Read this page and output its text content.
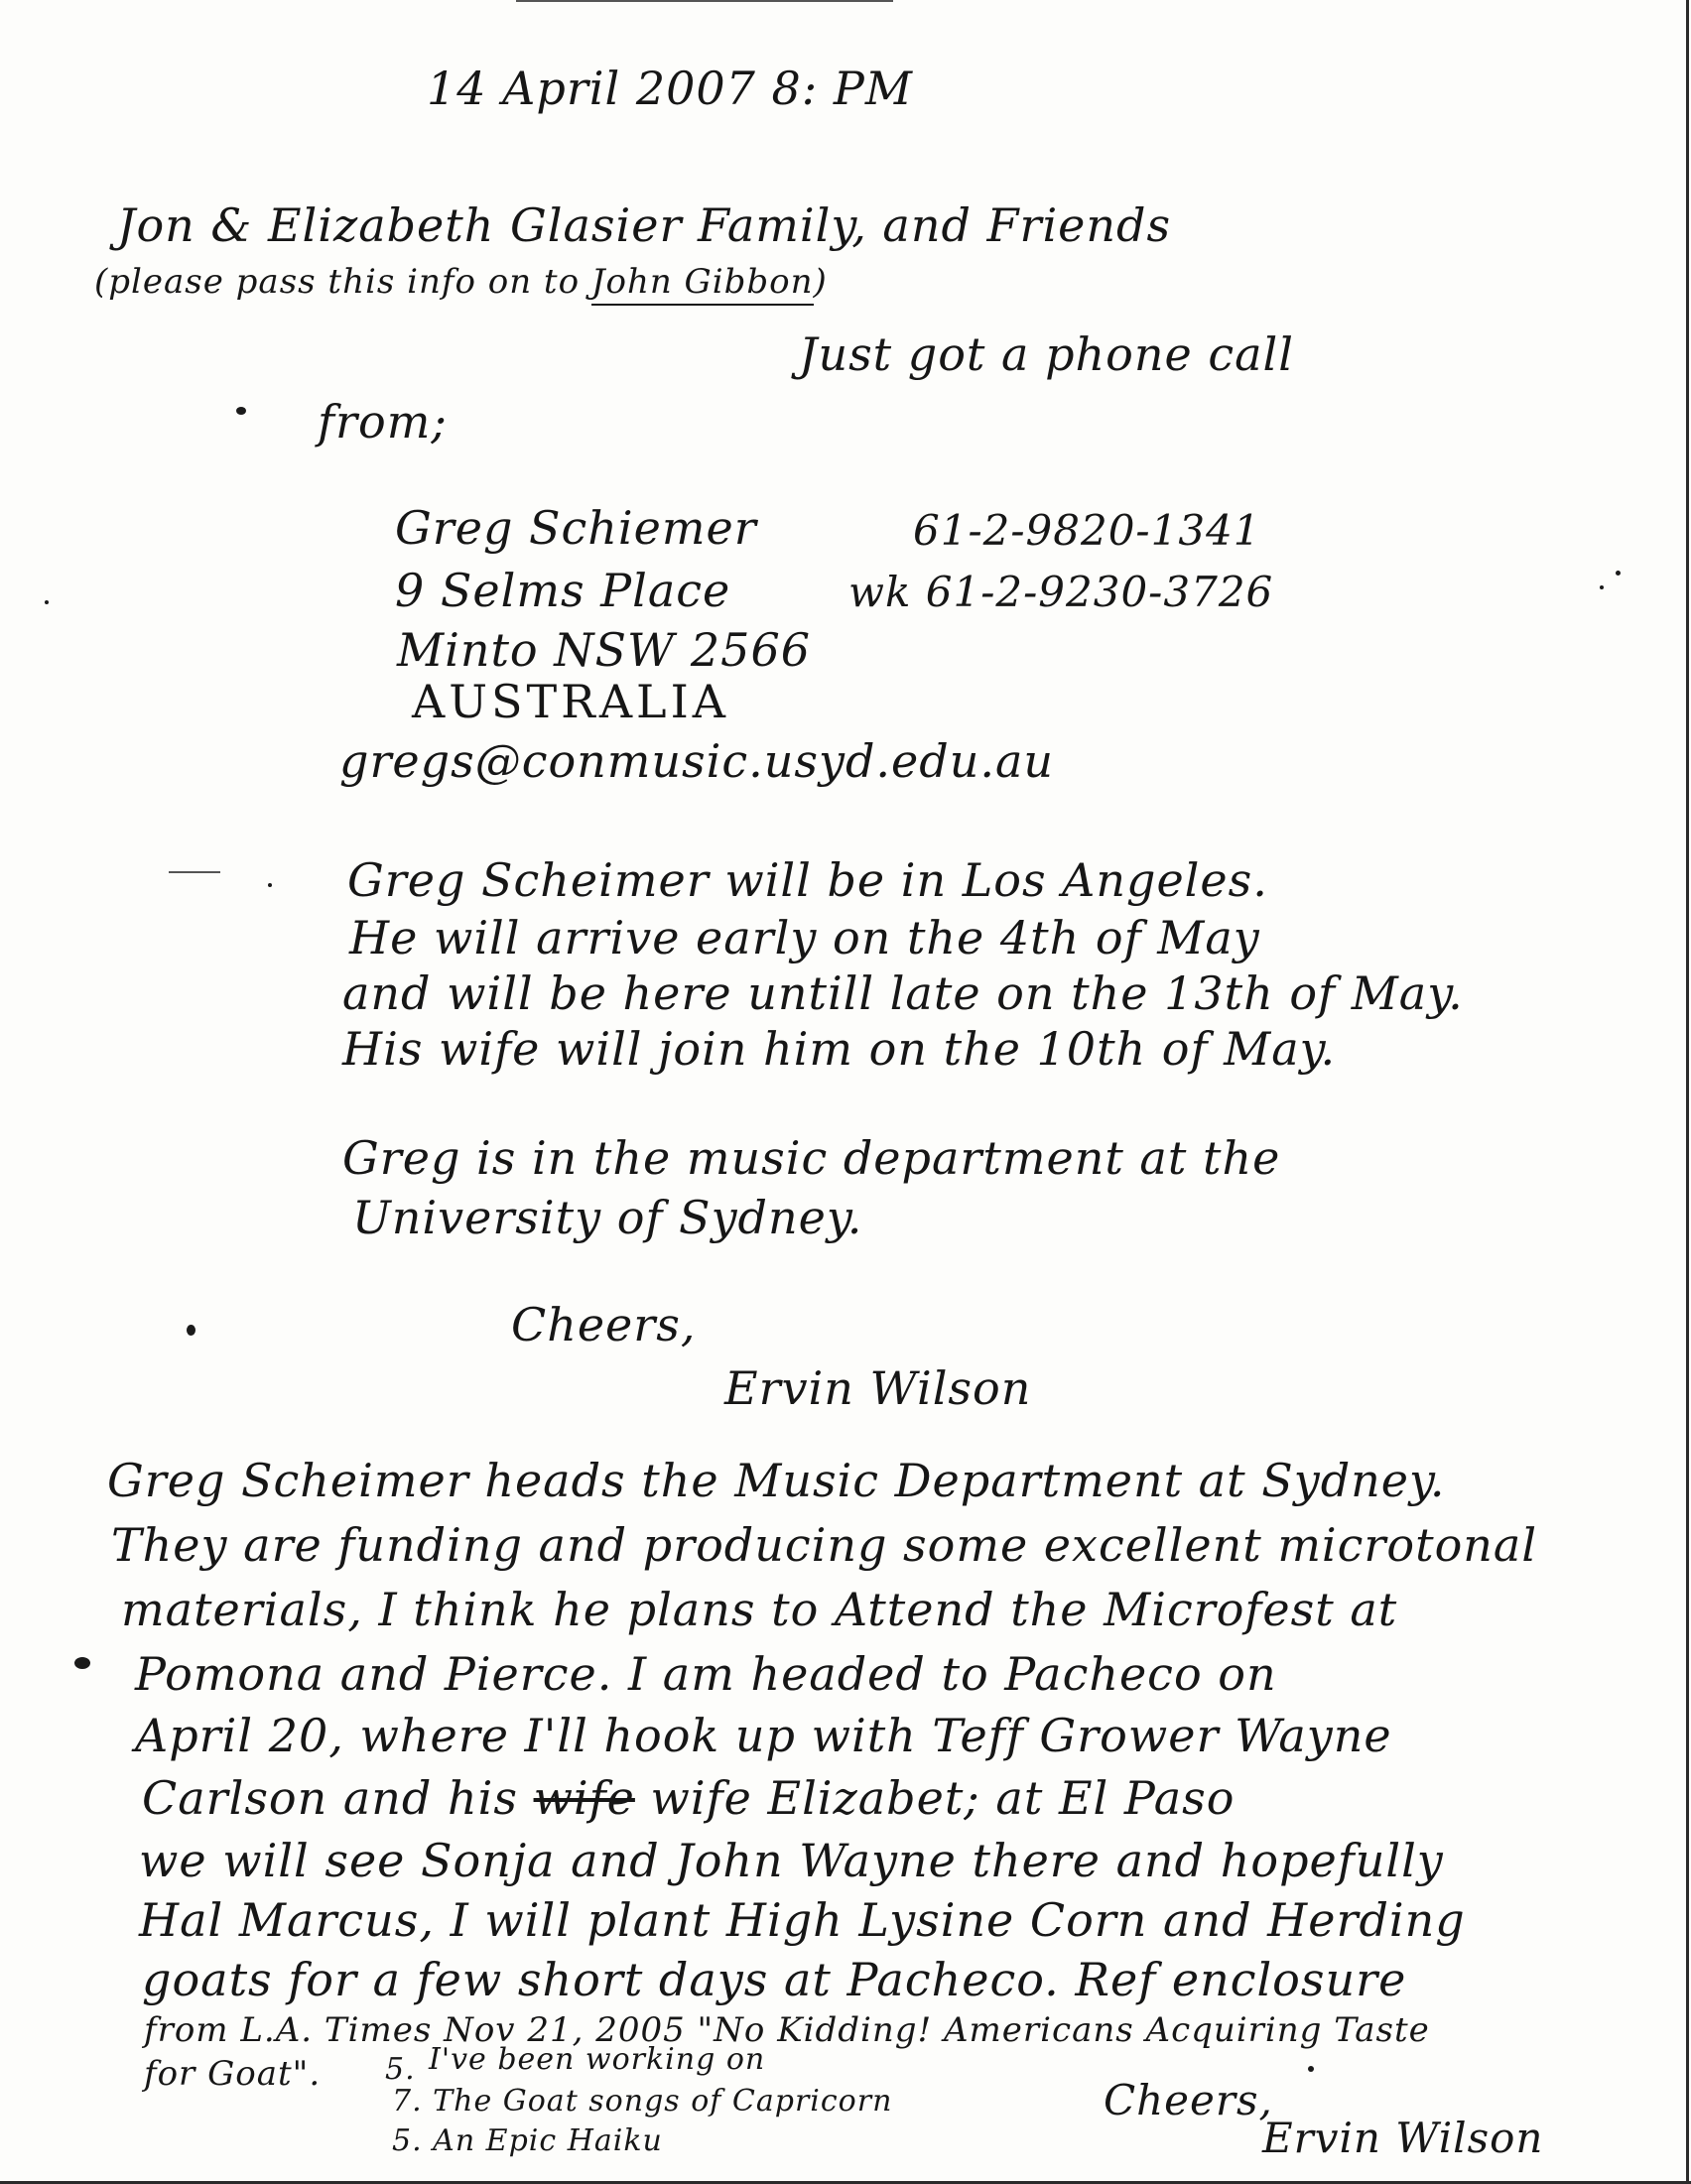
14 April 2007 8: PM
Jon & Elizabeth Glasier Family, and Friends
(please pass this info on to John Gibbon)
Just got a phone call
from;
Greg Schiemer	61-2-9820-1341
9 Selms Place	wk 61-2-9230-3726
Minto NSW 2566
AUSTRALIA
gregs@conmusic.usyd.edu.au
Greg Scheimer will be in Los Angeles.
He will arrive early on the 4th of May
and will be here untill late on the 13th of May.
His wife will join him on the 10th of May.
Greg is in the music department at the
University of Sydney.
Cheers,
Ervin Wilson
Greg Scheimer heads the Music Department at Sydney.
They are funding and producing some excellent microtonal
materials, I think he plans to Attend the Microfest at
Pomona and Pierce. I am headed to Pacheco on
April 20, where I'll hook up with Teff Grower Wayne
Carlson and his wife wife Elizabet; at El Paso
we will see Sonja and John Wayne there and hopefully
Hal Marcus, I will plant High Lysine Corn and Herding
goats for a few short days at Pacheco. Ref enclosure
from L.A. Times Nov 21, 2005 "No Kidding! Americans Acquiring Taste
for Goat". 5. I've been working on
7. The Goat songs of Capricorn
5. An Epic Haiku
Cheers,
Ervin Wilson
